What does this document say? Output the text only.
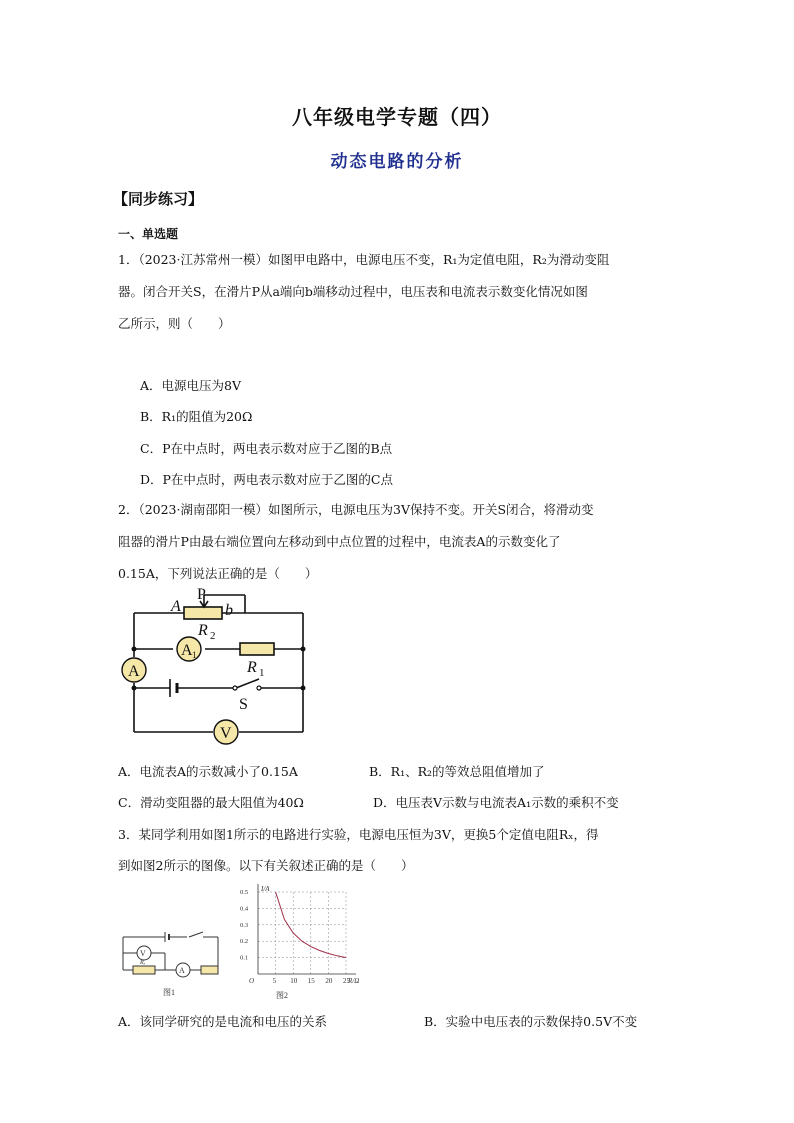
八年级电学专题（四）
动态电路的分析
【同步练习】
一、单选题
1．（2023·江苏常州一模）如图甲电路中，电源电压不变，R₁为定值电阻，R₂为滑动变阻
器。闭合开关S，在滑片P从a端向b端移动过程中，电压表和电流表示数变化情况如图
乙所示，则（　　）
A．电源电压为8V
B．R₁的阻值为20Ω
C．P在中点时，两电表示数对应于乙图的B点
D．P在中点时，两电表示数对应于乙图的C点
2．（2023·湖南邵阳一模）如图所示，电源电压为3V保持不变。开关S闭合，将滑动变
阻器的滑片P由最右端位置向左移动到中点位置的过程中，电流表A的示数变化了
0.15A，下列说法正确的是（　　）
A
P
b
R 2
A 1
R 1
A
S
V
A．电流表A的示数减小了0.15A	B．R₁、R₂的等效总阻值增加了
C．滑动变阻器的最大阻值为40Ω	D．电压表V示数与电流表A₁示数的乘积不变
3．某同学利用如图1所示的电路进行实验，电源电压恒为3V，更换5个定值电阻Rₓ，得
到如图2所示的图像。以下有关叙述正确的是（　　）
V
A
Rₓ
图1
5 10 15 20 25
0.1
0.2
0.3
0.4
0.5
O	R/Ω
I/A
图2
A．该同学研究的是电流和电压的关系	B．实验中电压表的示数保持0.5V不变
